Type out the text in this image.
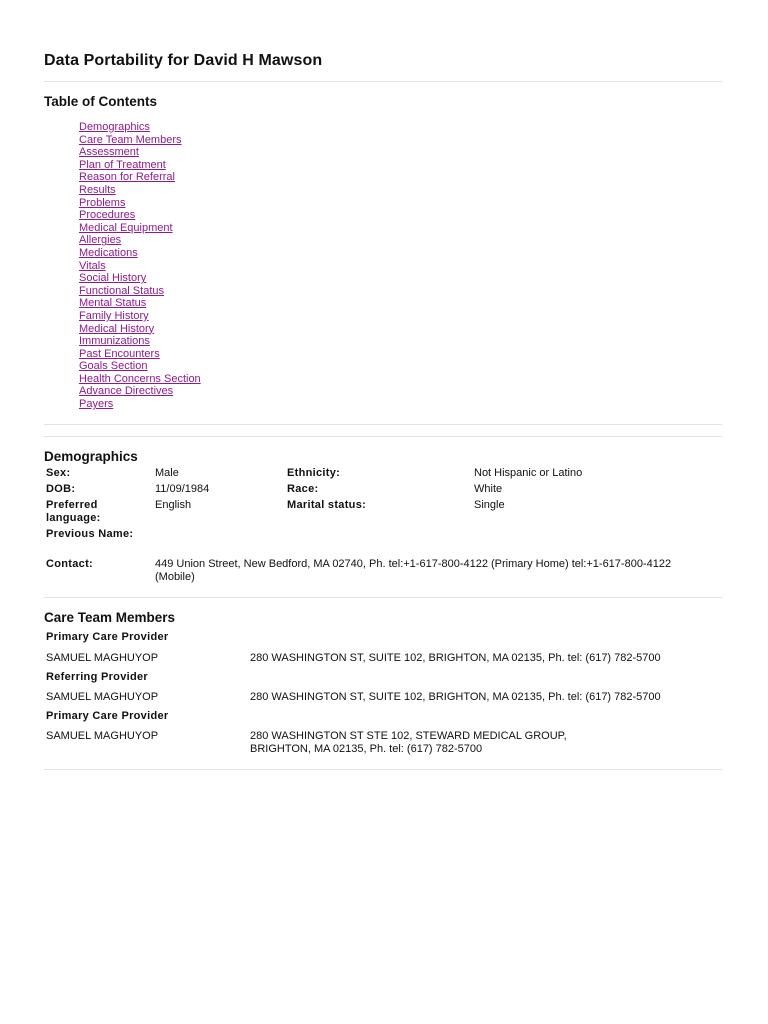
Data Portability for David H Mawson
Table of Contents
Demographics
Care Team Members
Assessment
Plan of Treatment
Reason for Referral
Results
Problems
Procedures
Medical Equipment
Allergies
Medications
Vitals
Social History
Functional Status
Mental Status
Family History
Medical History
Immunizations
Past Encounters
Goals Section
Health Concerns Section
Advance Directives
Payers
Demographics
Sex:	Male	Ethnicity:	Not Hispanic or Latino
DOB:	11/09/1984	Race:	White
Preferred
language:
English	Marital status:	Single
Previous Name:
Contact:	449 Union Street, New Bedford, MA 02740, Ph. tel:+1-617-800-4122 (Primary Home) tel:+1-617-800-4122
(Mobile)
Care Team Members
Primary Care Provider
SAMUEL MAGHUYOP	280 WASHINGTON ST, SUITE 102, BRIGHTON, MA 02135, Ph. tel: (617) 782-5700
Referring Provider
SAMUEL MAGHUYOP	280 WASHINGTON ST, SUITE 102, BRIGHTON, MA 02135, Ph. tel: (617) 782-5700
Primary Care Provider
SAMUEL MAGHUYOP	280 WASHINGTON ST STE 102, STEWARD MEDICAL GROUP,
BRIGHTON, MA 02135, Ph. tel: (617) 782-5700
